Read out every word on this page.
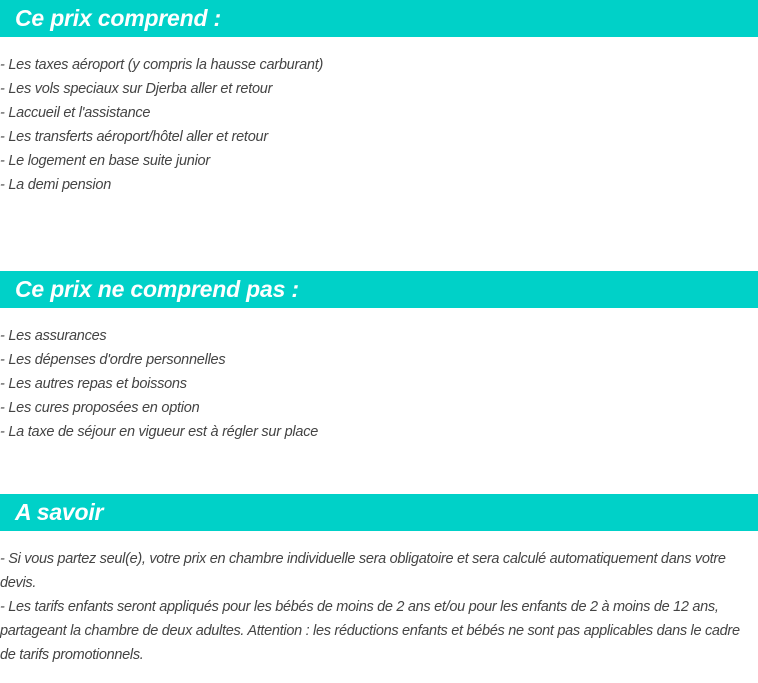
Ce prix comprend :
- Les taxes aéroport (y compris la hausse carburant)
- Les vols speciaux sur Djerba aller et retour
- Laccueil et l'assistance
- Les transferts aéroport/hôtel aller et retour
- Le logement en base suite junior
- La demi pension
Ce prix ne comprend pas :
- Les assurances
- Les dépenses d'ordre personnelles
- Les autres repas et boissons
- Les cures proposées en option
- La taxe de séjour en vigueur est à régler sur place
A savoir
- Si vous partez seul(e), votre prix en chambre individuelle sera obligatoire et sera calculé automatiquement dans votre devis.
- Les tarifs enfants seront appliqués pour les bébés de moins de 2 ans et/ou pour les enfants de 2 à moins de 12 ans, partageant la chambre de deux adultes. Attention : les réductions enfants et bébés ne sont pas applicables dans le cadre de tarifs promotionnels.
